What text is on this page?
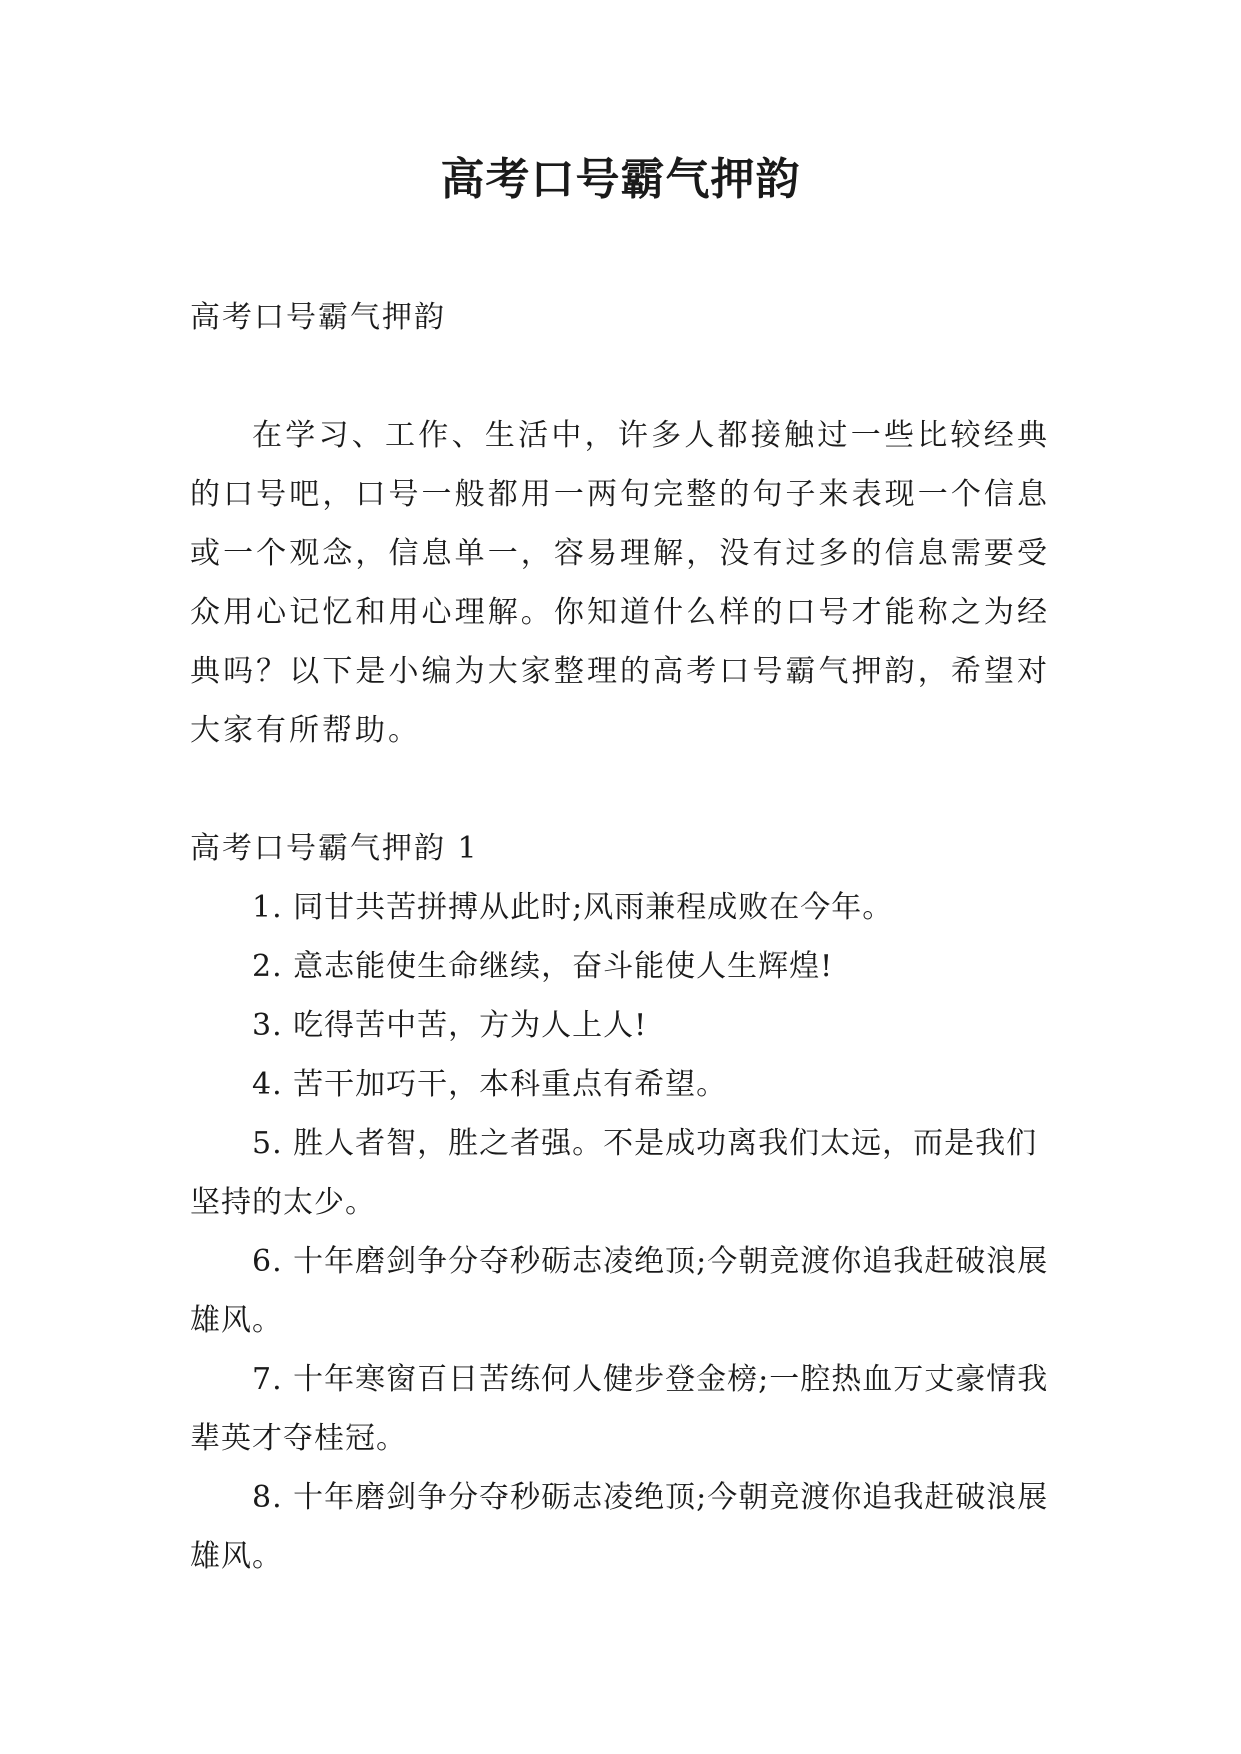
高考口号霸气押韵

高考口号霸气押韵

在学习、工作、生活中，许多人都接触过一些比较经典的口号吧，口号一般都用一两句完整的句子来表现一个信息或一个观念，信息单一，容易理解，没有过多的信息需要受众用心记忆和用心理解。你知道什么样的口号才能称之为经典吗？以下是小编为大家整理的高考口号霸气押韵，希望对大家有所帮助。

高考口号霸气押韵 1

1. 同甘共苦拼搏从此时;风雨兼程成败在今年。

2. 意志能使生命继续，奋斗能使人生辉煌!

3. 吃得苦中苦，方为人上人!

4. 苦干加巧干，本科重点有希望。

5. 胜人者智，胜之者强。不是成功离我们太远，而是我们坚持的太少。

6. 十年磨剑争分夺秒砺志凌绝顶;今朝竞渡你追我赶破浪展雄风。

7. 十年寒窗百日苦练何人健步登金榜;一腔热血万丈豪情我辈英才夺桂冠。

8. 十年磨剑争分夺秒砺志凌绝顶;今朝竞渡你追我赶破浪展雄风。
